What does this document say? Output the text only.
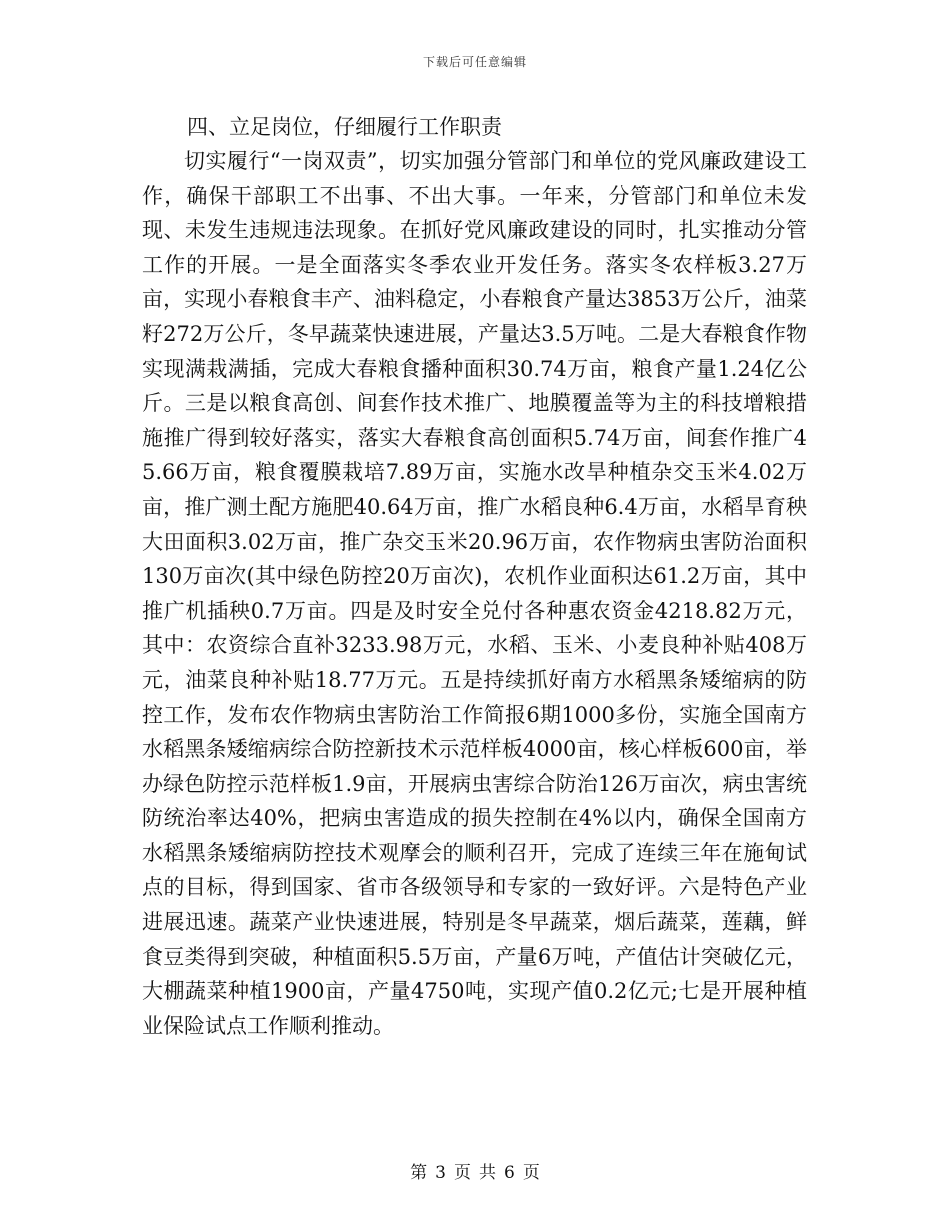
下载后可任意编辑

四、立足岗位，仔细履行工作职责

切实履行“一岗双责”，切实加强分管部门和单位的党风廉政建设工作，确保干部职工不出事、不出大事。一年来，分管部门和单位未发现、未发生违规违法现象。在抓好党风廉政建设的同时，扎实推动分管工作的开展。一是全面落实冬季农业开发任务。落实冬农样板3.27万亩，实现小春粮食丰产、油料稳定，小春粮食产量达3853万公斤，油菜籽272万公斤，冬早蔬菜快速进展，产量达3.5万吨。二是大春粮食作物实现满栽满插，完成大春粮食播种面积30.74万亩，粮食产量1.24亿公斤。三是以粮食高创、间套作技术推广、地膜覆盖等为主的科技增粮措施推广得到较好落实，落实大春粮食高创面积5.74万亩，间套作推广45.66万亩，粮食覆膜栽培7.89万亩，实施水改旱种植杂交玉米4.02万亩，推广测土配方施肥40.64万亩，推广水稻良种6.4万亩，水稻旱育秧大田面积3.02万亩，推广杂交玉米20.96万亩，农作物病虫害防治面积130万亩次(其中绿色防控20万亩次)，农机作业面积达61.2万亩，其中推广机插秧0.7万亩。四是及时安全兑付各种惠农资金4218.82万元，其中：农资综合直补3233.98万元，水稻、玉米、小麦良种补贴408万元，油菜良种补贴18.77万元。五是持续抓好南方水稻黑条矮缩病的防控工作，发布农作物病虫害防治工作简报6期1000多份，实施全国南方水稻黑条矮缩病综合防控新技术示范样板4000亩，核心样板600亩，举办绿色防控示范样板1.9亩，开展病虫害综合防治126万亩次，病虫害统防统治率达40%，把病虫害造成的损失控制在4%以内，确保全国南方水稻黑条矮缩病防控技术观摩会的顺利召开，完成了连续三年在施甸试点的目标，得到国家、省市各级领导和专家的一致好评。六是特色产业进展迅速。蔬菜产业快速进展，特别是冬早蔬菜，烟后蔬菜，莲藕，鲜食豆类得到突破，种植面积5.5万亩，产量6万吨，产值估计突破亿元，大棚蔬菜种植1900亩，产量4750吨，实现产值0.2亿元;七是开展种植业保险试点工作顺利推动。

第 3 页 共 6 页
